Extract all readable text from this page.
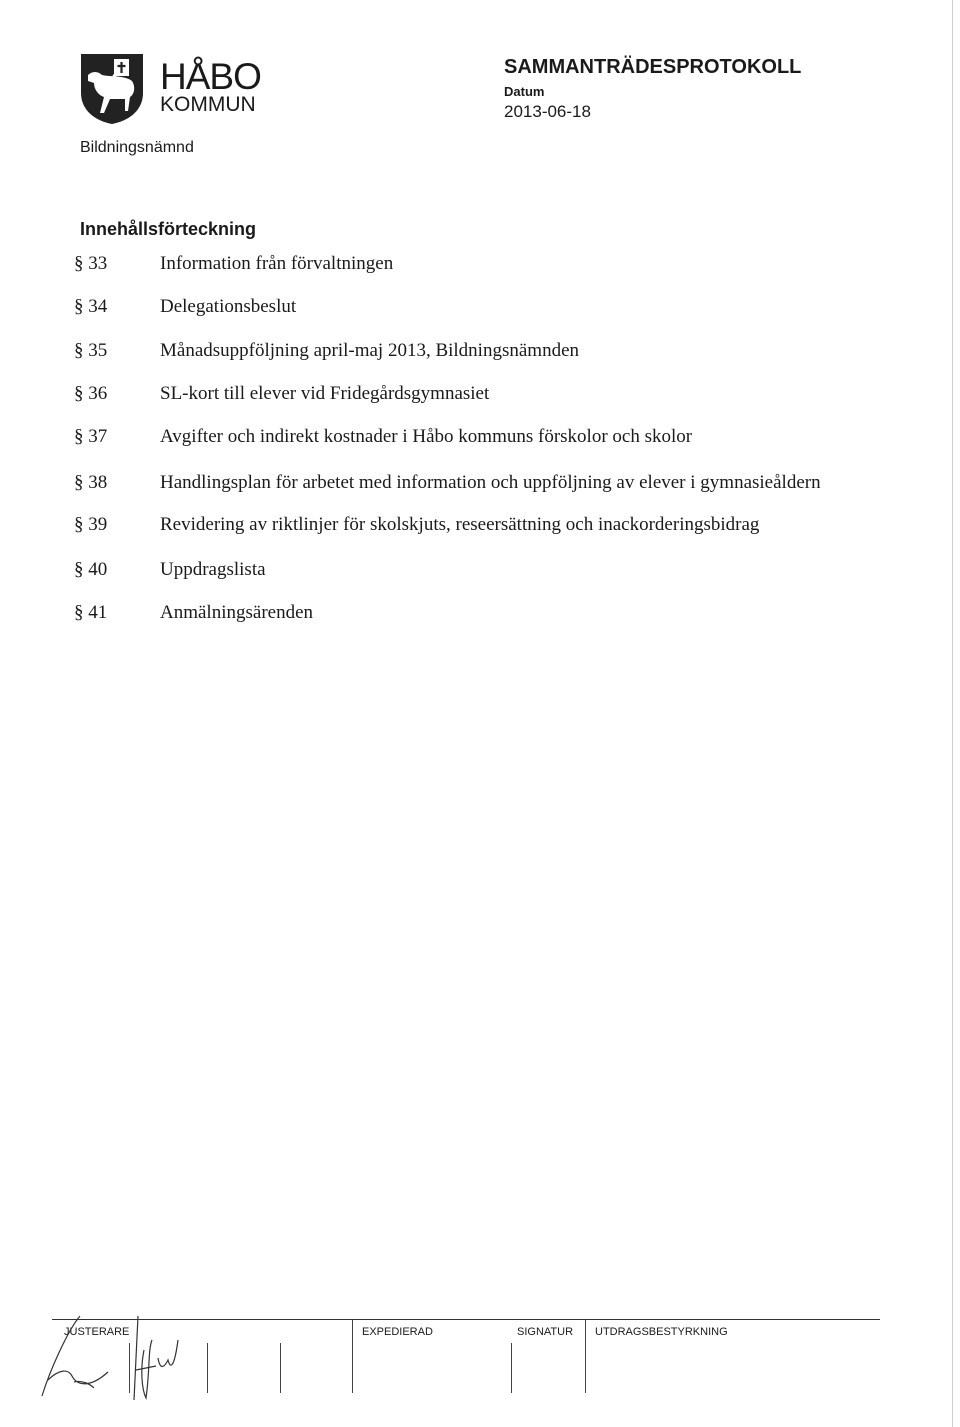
HÅBO
KOMMUN
Bildningsnämnd
SAMMANTRÄDESPROTOKOLL
Datum
2013-06-18
Innehållsförteckning
§ 33	Information från förvaltningen
§ 34	Delegationsbeslut
§ 35	Månadsuppföljning april-maj 2013, Bildningsnämnden
§ 36	SL-kort till elever vid Fridegårdsgymnasiet
§ 37	Avgifter och indirekt kostnader i Håbo kommuns förskolor och skolor
§ 38	Handlingsplan för arbetet med information och uppföljning av elever i gymnasieåldern
§ 39	Revidering av riktlinjer för skolskjuts, reseersättning och inackorderingsbidrag
§ 40	Uppdragslista
§ 41	Anmälningsärenden
JUSTERARE	EXPEDIERAD	SIGNATUR UTDRAGSBESTYRKNING
